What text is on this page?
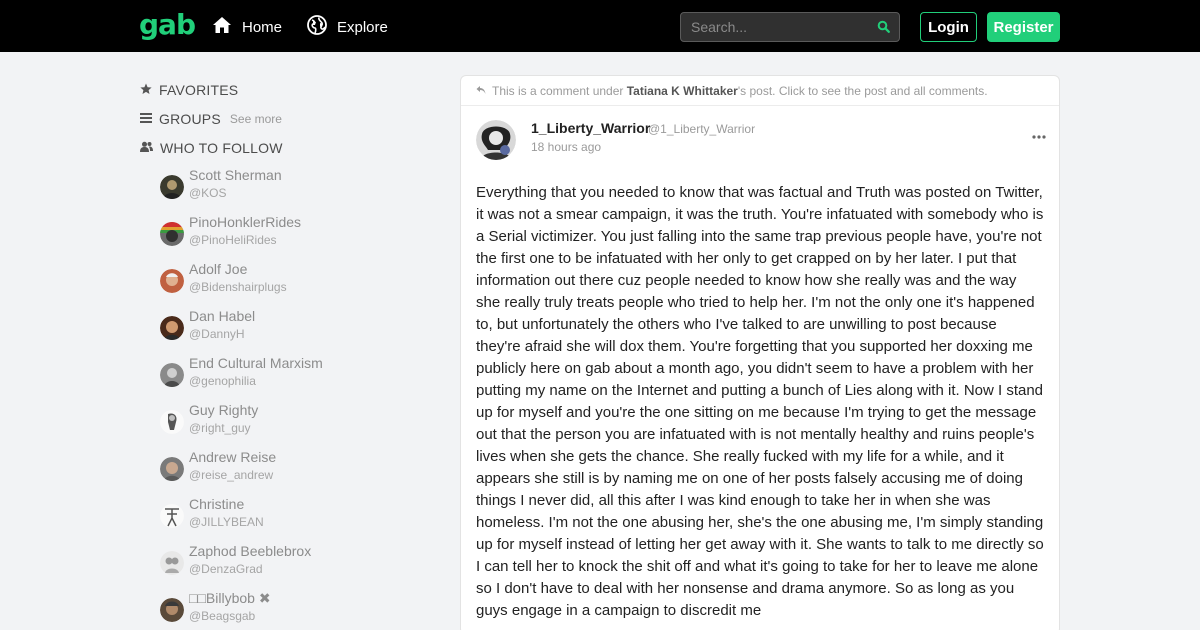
gab	Home	Explore
Search...	Login	Register
FAVORITES
GROUPS See more
WHO TO FOLLOW
Scott Sherman
@KOS
PinoHonklerRides
@PinoHeliRides
Adolf Joe
@Bidenshairplugs
Dan Habel
@DannyH
End Cultural Marxism
@genophilia
Guy Righty
@right_guy
Andrew Reise
@reise_andrew
Christine
@JILLYBEAN
Zaphod Beeblebrox
@DenzaGrad
□□Billybob ✖
@Beagsgab
This is a comment under Tatiana K Whittaker 's post. Click to see the post and all comments.
1_Liberty_Warrior
@1_Liberty_Warrior
18 hours ago
Everything that you needed to know that was factual and Truth was posted on Twitter, it was not a smear campaign, it was the truth. You're infatuated with somebody who is a Serial victimizer. You just falling into the same trap previous people have, you're not the first one to be infatuated with her only to get crapped on by her later. I put that information out there cuz people needed to know how she really was and the way she really truly treats people who tried to help her. I'm not the only one it's happened to, but unfortunately the others who I've talked to are unwilling to post because they're afraid she will dox them. You're forgetting that you supported her doxxing me publicly here on gab about a month ago, you didn't seem to have a problem with her putting my name on the Internet and putting a bunch of Lies along with it. Now I stand up for myself and you're the one sitting on me because I'm trying to get the message out that the person you are infatuated with is not mentally healthy and ruins people's lives when she gets the chance. She really fucked with my life for a while, and it appears she still is by naming me on one of her posts falsely accusing me of doing things I never did, all this after I was kind enough to take her in when she was homeless. I'm not the one abusing her, she's the one abusing me, I'm simply standing up for myself instead of letting her get away with it. She wants to talk to me directly so I can tell her to knock the shit off and what it's going to take for her to leave me alone so I don't have to deal with her nonsense and drama anymore. So as long as you guys engage in a campaign to discredit me
